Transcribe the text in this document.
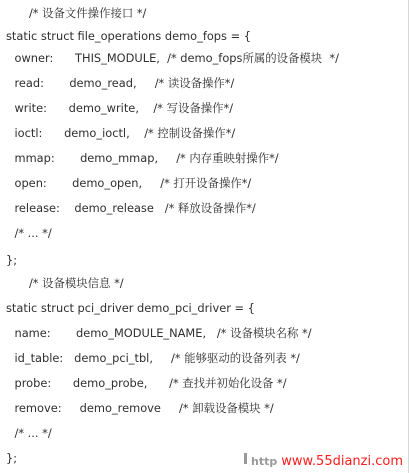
/* 设备文件操作接口 */
static struct file_operations demo_fops = {
owner:      THIS_MODULE,  /* demo_fops所属的设备模块  */
read:       demo_read,     /* 读设备操作*/
write:      demo_write,    /* 写设备操作*/
ioctl:      demo_ioctl,    /* 控制设备操作*/
mmap:       demo_mmap,     /* 内存重映射操作*/
open:       demo_open,     /* 打开设备操作*/
release:    demo_release   /* 释放设备操作*/
/* ... */
};
/* 设备模块信息 */
static struct pci_driver demo_pci_driver = {
name:       demo_MODULE_NAME,   /* 设备模块名称 */
id_table:   demo_pci_tbl,     /* 能够驱动的设备列表 */
probe:      demo_probe,      /* 查找并初始化设备 */
remove:     demo_remove     /* 卸载设备模块 */
/* ... */
};	http www.55dianzi.com
